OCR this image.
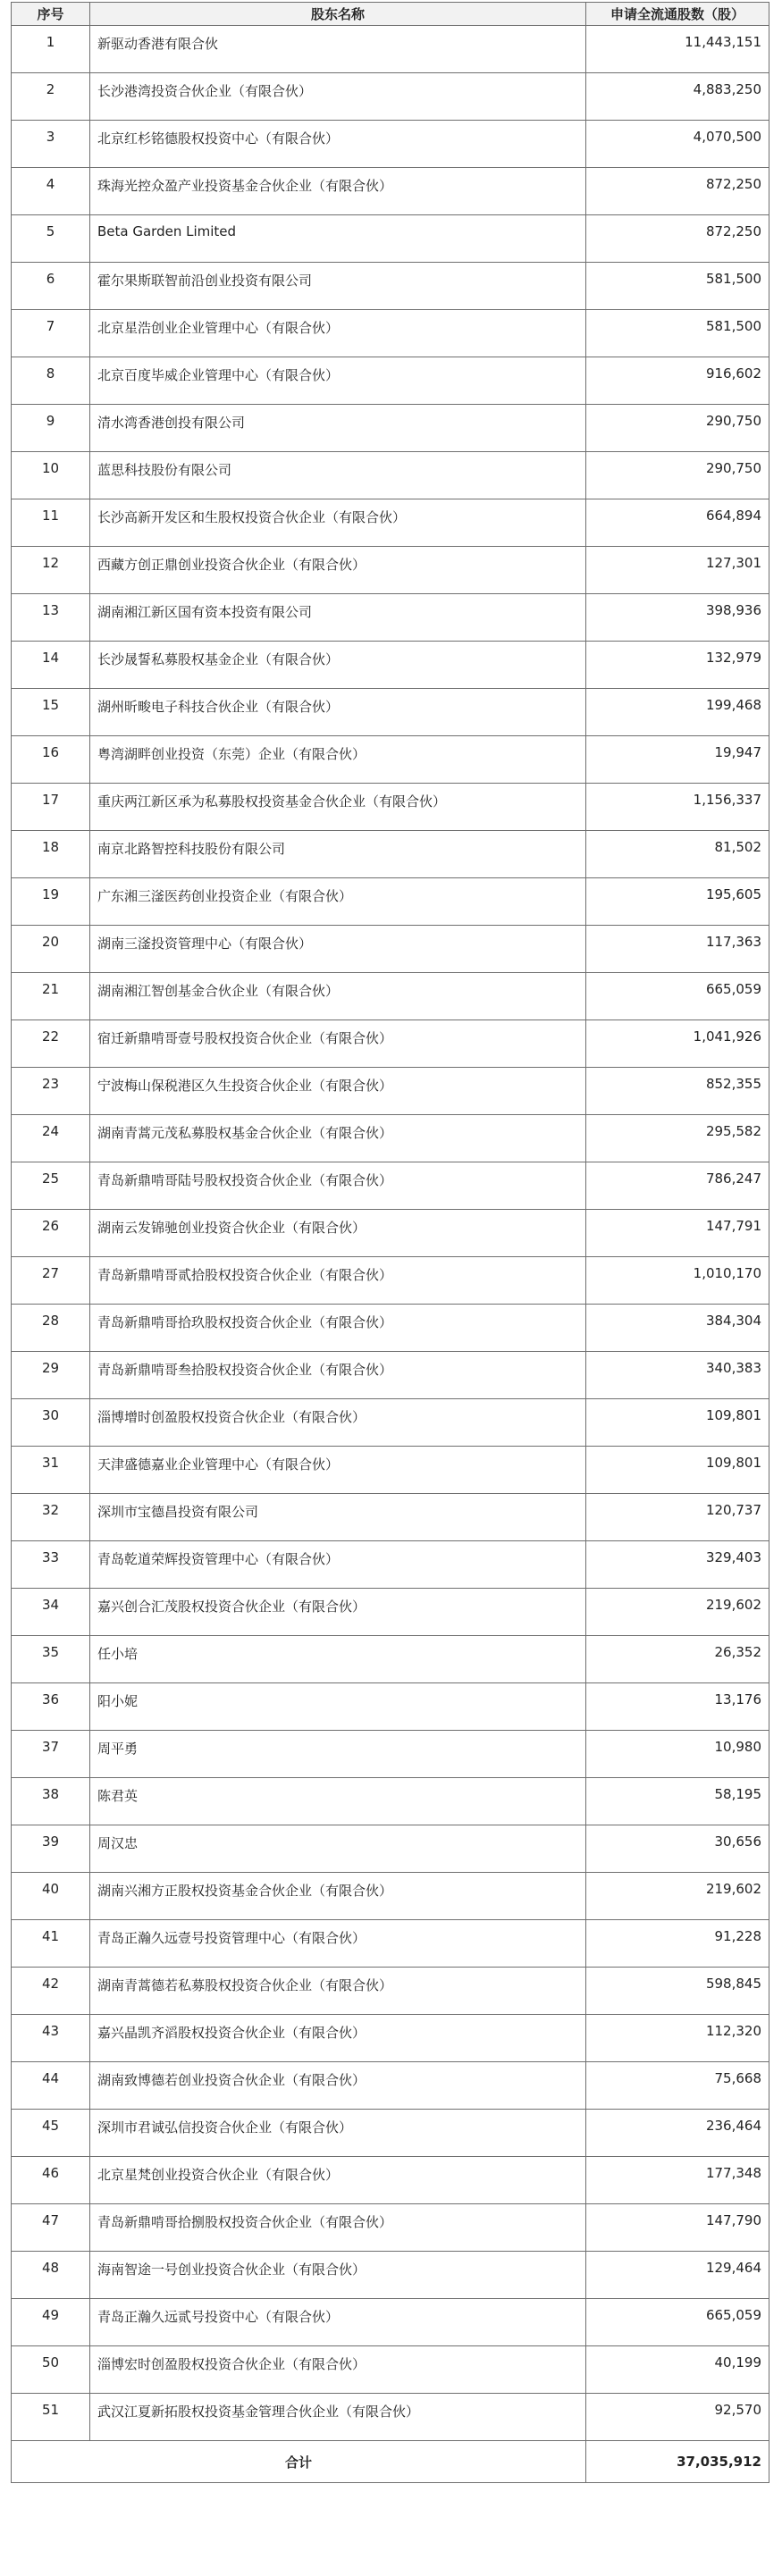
序号	股东名称	申请全流通股数（股）
1	新驱动香港有限合伙	11,443,151
2	长沙港湾投资合伙企业（有限合伙）	4,883,250
3	北京红杉铭德股权投资中心（有限合伙）	4,070,500
4	珠海光控众盈产业投资基金合伙企业（有限合伙）	872,250
5	Beta Garden Limited	872,250
6	霍尔果斯联智前沿创业投资有限公司	581,500
7	北京星浩创业企业管理中心（有限合伙）	581,500
8	北京百度毕威企业管理中心（有限合伙）	916,602
9	清水湾香港创投有限公司	290,750
10	蓝思科技股份有限公司	290,750
11	长沙高新开发区和生股权投资合伙企业（有限合伙）	664,894
12	西藏方创正鼎创业投资合伙企业（有限合伙）	127,301
13	湖南湘江新区国有资本投资有限公司	398,936
14	长沙晟誓私募股权基金企业（有限合伙）	132,979
15	湖州昕畯电子科技合伙企业（有限合伙）	199,468
16	粤湾湖畔创业投资（东莞）企业（有限合伙）	19,947
17	重庆两江新区承为私募股权投资基金合伙企业（有限合伙）	1,156,337
18	南京北路智控科技股份有限公司	81,502
19	广东湘三滏医药创业投资企业（有限合伙）	195,605
20	湖南三滏投资管理中心（有限合伙）	117,363
21	湖南湘江智创基金合伙企业（有限合伙）	665,059
22	宿迁新鼎啃哥壹号股权投资合伙企业（有限合伙）	1,041,926
23	宁波梅山保税港区久生投资合伙企业（有限合伙）	852,355
24	湖南青蒿元茂私募股权基金合伙企业（有限合伙）	295,582
25	青岛新鼎啃哥陆号股权投资合伙企业（有限合伙）	786,247
26	湖南云发锦驰创业投资合伙企业（有限合伙）	147,791
27	青岛新鼎啃哥贰拾股权投资合伙企业（有限合伙）	1,010,170
28	青岛新鼎啃哥拾玖股权投资合伙企业（有限合伙）	384,304
29	青岛新鼎啃哥叁拾股权投资合伙企业（有限合伙）	340,383
30	淄博增时创盈股权投资合伙企业（有限合伙）	109,801
31	天津盛德嘉业企业管理中心（有限合伙）	109,801
32	深圳市宝德昌投资有限公司	120,737
33	青岛乾道荣辉投资管理中心（有限合伙）	329,403
34	嘉兴创合汇茂股权投资合伙企业（有限合伙）	219,602
35	任小培	26,352
36	阳小妮	13,176
37	周平勇	10,980
38	陈君英	58,195
39	周汉忠	30,656
40	湖南兴湘方正股权投资基金合伙企业（有限合伙）	219,602
41	青岛正瀚久远壹号投资管理中心（有限合伙）	91,228
42	湖南青蒿德若私募股权投资合伙企业（有限合伙）	598,845
43	嘉兴晶凯齐滔股权投资合伙企业（有限合伙）	112,320
44	湖南致博德若创业投资合伙企业（有限合伙）	75,668
45	深圳市君诚弘信投资合伙企业（有限合伙）	236,464
46	北京星梵创业投资合伙企业（有限合伙）	177,348
47	青岛新鼎啃哥拾捌股权投资合伙企业（有限合伙）	147,790
48	海南智途一号创业投资合伙企业（有限合伙）	129,464
49	青岛正瀚久远贰号投资中心（有限合伙）	665,059
50	淄博宏时创盈股权投资合伙企业（有限合伙）	40,199
51	武汉江夏新拓股权投资基金管理合伙企业（有限合伙）	92,570
合计		37,035,912
